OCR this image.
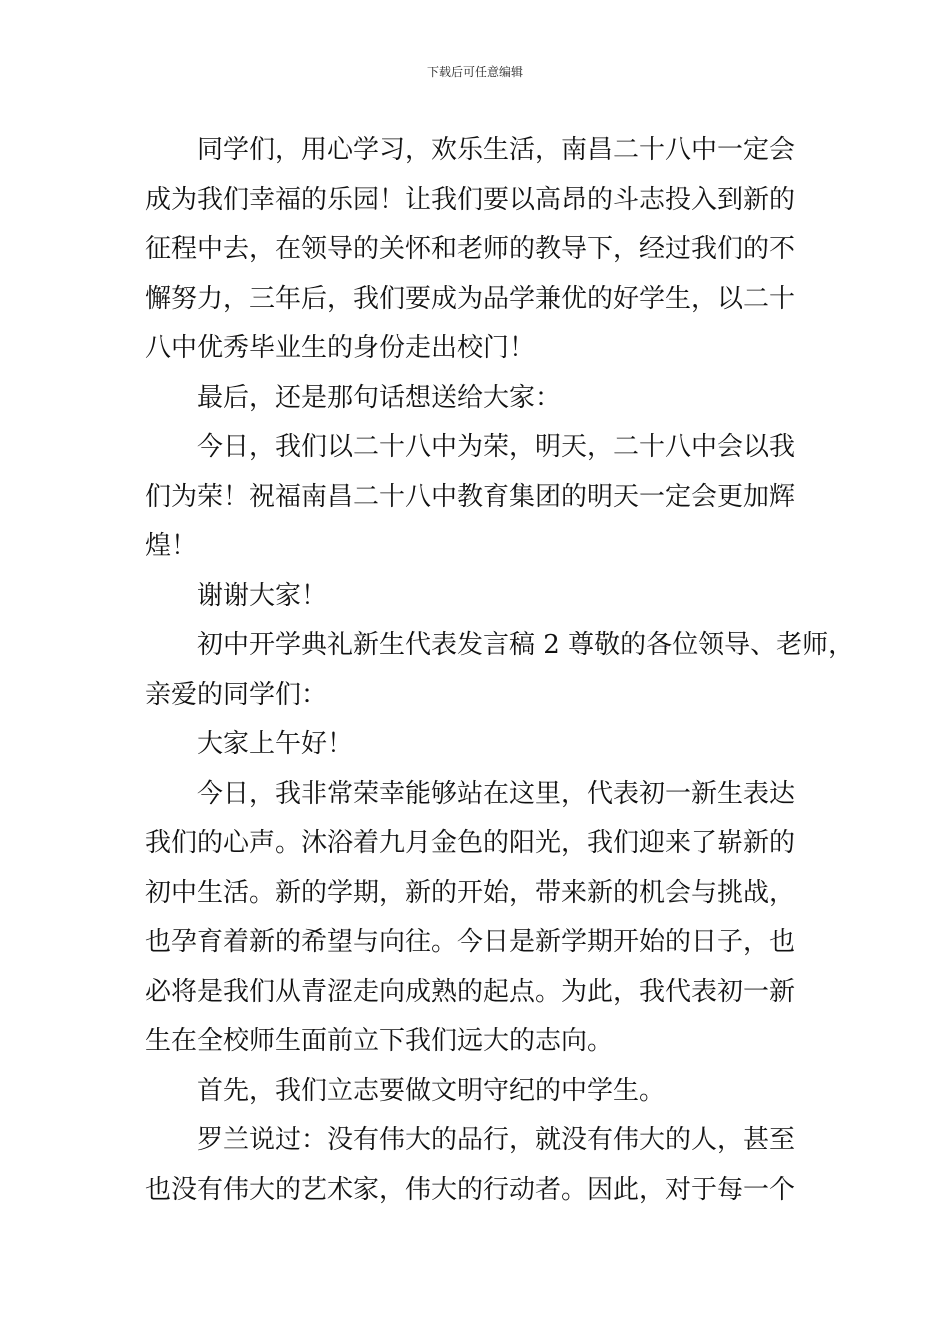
下载后可任意编辑

同学们，用心学习，欢乐生活，南昌二十八中一定会
成为我们幸福的乐园！让我们要以高昂的斗志投入到新的
征程中去，在领导的关怀和老师的教导下，经过我们的不
懈努力，三年后，我们要成为品学兼优的好学生，以二十
八中优秀毕业生的身份走出校门！

最后，还是那句话想送给大家：

今日，我们以二十八中为荣，明天，二十八中会以我
们为荣！祝福南昌二十八中教育集团的明天一定会更加辉
煌！

谢谢大家！

初中开学典礼新生代表发言稿 2 尊敬的各位领导、老师，
亲爱的同学们：

大家上午好！

今日，我非常荣幸能够站在这里，代表初一新生表达
我们的心声。沐浴着九月金色的阳光，我们迎来了崭新的
初中生活。新的学期，新的开始，带来新的机会与挑战，
也孕育着新的希望与向往。今日是新学期开始的日子，也
必将是我们从青涩走向成熟的起点。为此，我代表初一新
生在全校师生面前立下我们远大的志向。

首先，我们立志要做文明守纪的中学生。

罗兰说过：没有伟大的品行，就没有伟大的人，甚至
也没有伟大的艺术家，伟大的行动者。因此，对于每一个
